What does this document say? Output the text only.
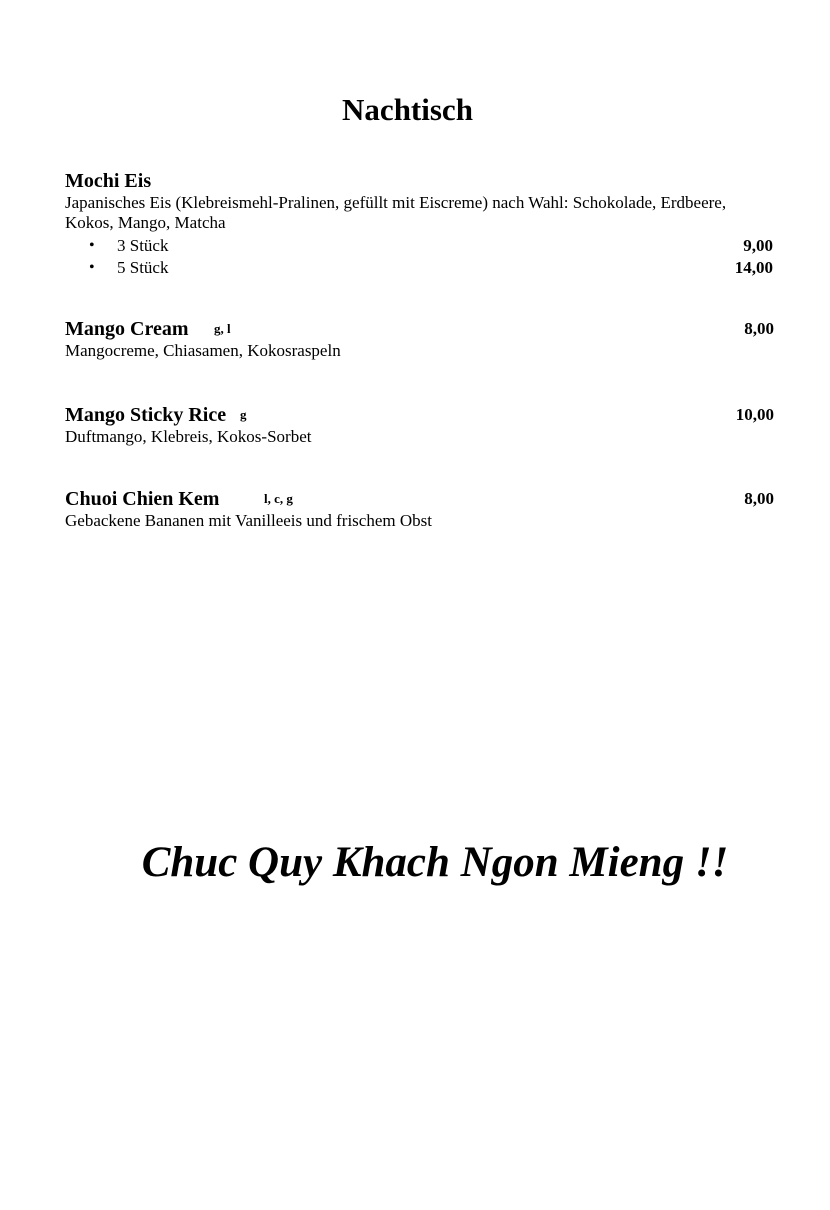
Nachtisch
Mochi Eis
Japanisches Eis (Klebreismehl-Pralinen, gefüllt mit Eiscreme) nach Wahl: Schokolade, Erdbeere, Kokos, Mango, Matcha
• 3 Stück	9,00
• 5 Stück	14,00
Mango Cream g, l	8,00
Mangocreme, Chiasamen, Kokosraspeln
Mango Sticky Rice g	10,00
Duftmango, Klebreis, Kokos-Sorbet
Chuoi Chien Kem	l, c, g	8,00
Gebackene Bananen mit Vanilleeis und frischem Obst
Chuc Quy Khach Ngon Mieng !!
